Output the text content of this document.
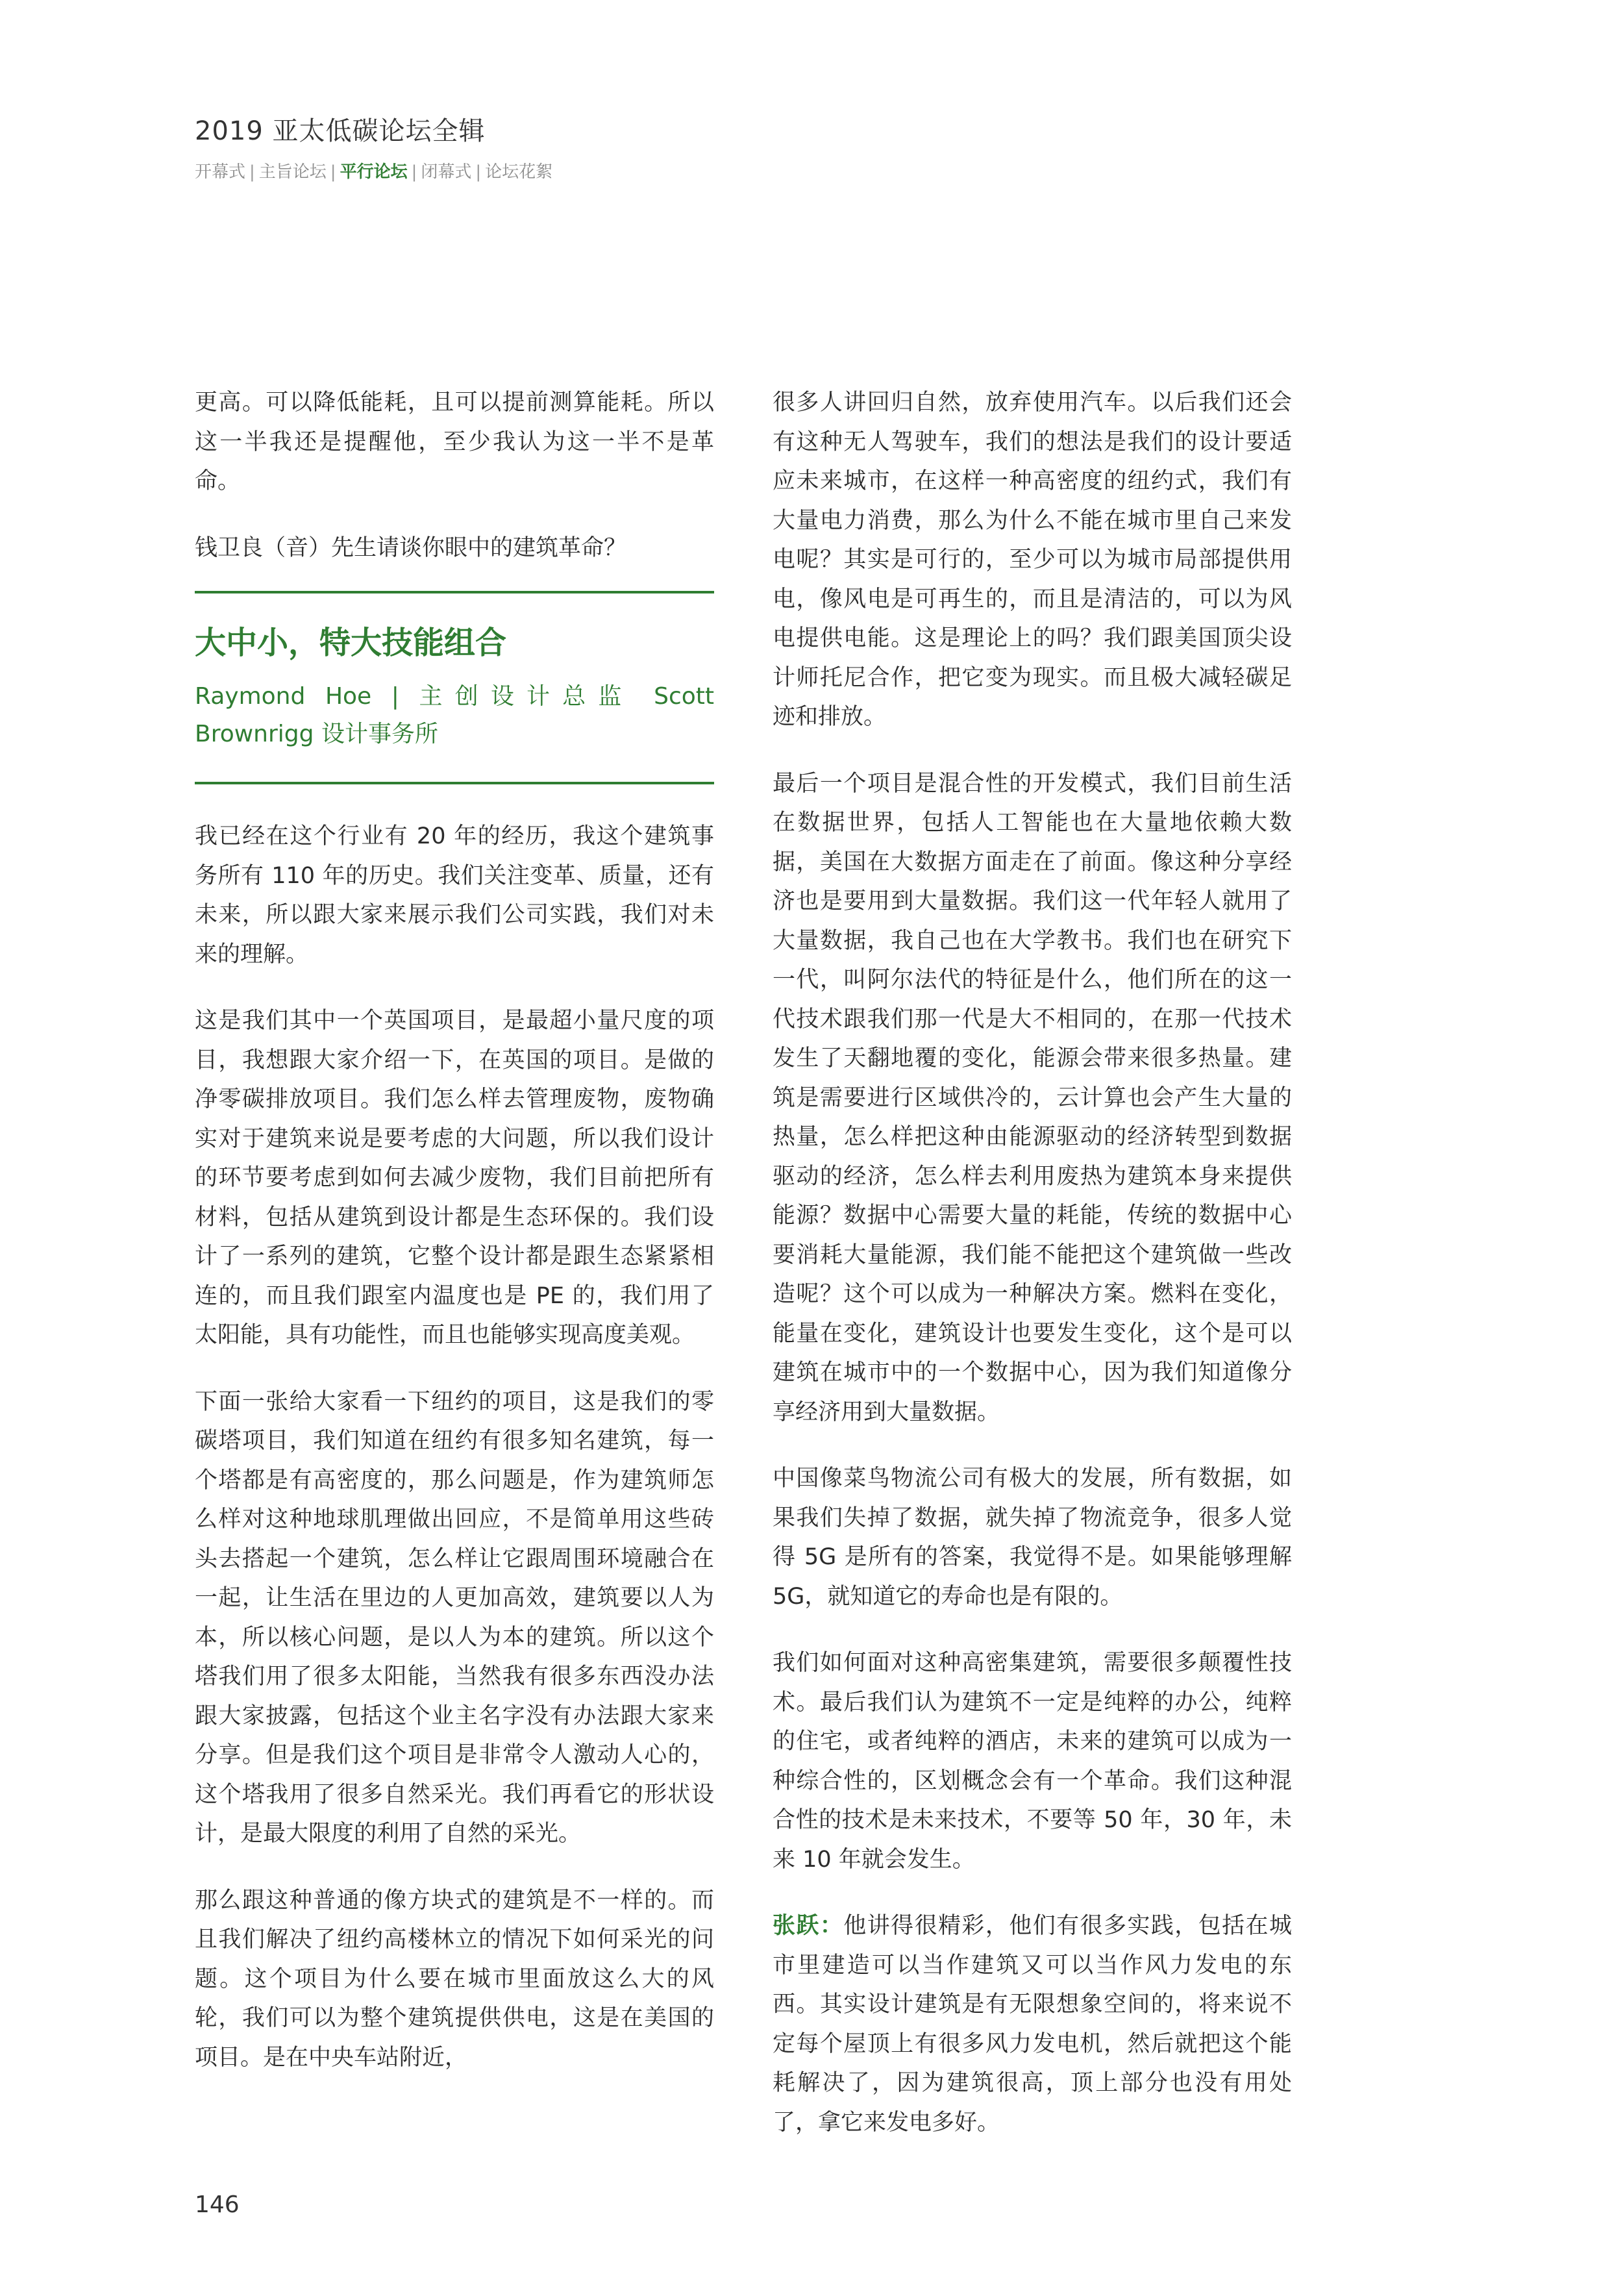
2019 亚太低碳论坛全辑
开幕式 | 主旨论坛 | 平行论坛 | 闭幕式 | 论坛花絮

更高。可以降低能耗，且可以提前测算能耗。所以这一半我还是提醒他，至少我认为这一半不是革命。

钱卫良（音）先生请谈你眼中的建筑革命？

大中小，特大技能组合
Raymond Hoe | 主创设计总监 Scott Brownrigg 设计事务所

我已经在这个行业有 20 年的经历，我这个建筑事务所有 110 年的历史。我们关注变革、质量，还有未来，所以跟大家来展示我们公司实践，我们对未来的理解。

这是我们其中一个英国项目，是最超小量尺度的项目，我想跟大家介绍一下，在英国的项目。是做的净零碳排放项目。我们怎么样去管理废物，废物确实对于建筑来说是要考虑的大问题，所以我们设计的环节要考虑到如何去减少废物，我们目前把所有材料，包括从建筑到设计都是生态环保的。我们设计了一系列的建筑，它整个设计都是跟生态紧紧相连的，而且我们跟室内温度也是 PE 的，我们用了太阳能，具有功能性，而且也能够实现高度美观。

下面一张给大家看一下纽约的项目，这是我们的零碳塔项目，我们知道在纽约有很多知名建筑，每一个塔都是有高密度的，那么问题是，作为建筑师怎么样对这种地球肌理做出回应，不是简单用这些砖头去搭起一个建筑，怎么样让它跟周围环境融合在一起，让生活在里边的人更加高效，建筑要以人为本，所以核心问题，是以人为本的建筑。所以这个塔我们用了很多太阳能，当然我有很多东西没办法跟大家披露，包括这个业主名字没有办法跟大家来分享。但是我们这个项目是非常令人激动人心的，这个塔我用了很多自然采光。我们再看它的形状设计，是最大限度的利用了自然的采光。

那么跟这种普通的像方块式的建筑是不一样的。而且我们解决了纽约高楼林立的情况下如何采光的问题。这个项目为什么要在城市里面放这么大的风轮，我们可以为整个建筑提供供电，这是在美国的项目。是在中央车站附近，

很多人讲回归自然，放弃使用汽车。以后我们还会有这种无人驾驶车，我们的想法是我们的设计要适应未来城市，在这样一种高密度的纽约式，我们有大量电力消费，那么为什么不能在城市里自己来发电呢？其实是可行的，至少可以为城市局部提供用电，像风电是可再生的，而且是清洁的，可以为风电提供电能。这是理论上的吗？我们跟美国顶尖设计师托尼合作，把它变为现实。而且极大减轻碳足迹和排放。

最后一个项目是混合性的开发模式，我们目前生活在数据世界，包括人工智能也在大量地依赖大数据，美国在大数据方面走在了前面。像这种分享经济也是要用到大量数据。我们这一代年轻人就用了大量数据，我自己也在大学教书。我们也在研究下一代，叫阿尔法代的特征是什么，他们所在的这一代技术跟我们那一代是大不相同的，在那一代技术发生了天翻地覆的变化，能源会带来很多热量。建筑是需要进行区域供冷的，云计算也会产生大量的热量，怎么样把这种由能源驱动的经济转型到数据驱动的经济，怎么样去利用废热为建筑本身来提供能源？数据中心需要大量的耗能，传统的数据中心要消耗大量能源，我们能不能把这个建筑做一些改造呢？这个可以成为一种解决方案。燃料在变化，能量在变化，建筑设计也要发生变化，这个是可以建筑在城市中的一个数据中心，因为我们知道像分享经济用到大量数据。

中国像菜鸟物流公司有极大的发展，所有数据，如果我们失掉了数据，就失掉了物流竞争，很多人觉得 5G 是所有的答案，我觉得不是。如果能够理解 5G，就知道它的寿命也是有限的。

我们如何面对这种高密集建筑，需要很多颠覆性技术。最后我们认为建筑不一定是纯粹的办公，纯粹的住宅，或者纯粹的酒店，未来的建筑可以成为一种综合性的，区划概念会有一个革命。我们这种混合性的技术是未来技术，不要等 50 年，30 年，未来 10 年就会发生。

张跃：他讲得很精彩，他们有很多实践，包括在城市里建造可以当作建筑又可以当作风力发电的东西。其实设计建筑是有无限想象空间的，将来说不定每个屋顶上有很多风力发电机，然后就把这个能耗解决了，因为建筑很高，顶上部分也没有用处了，拿它来发电多好。

146
